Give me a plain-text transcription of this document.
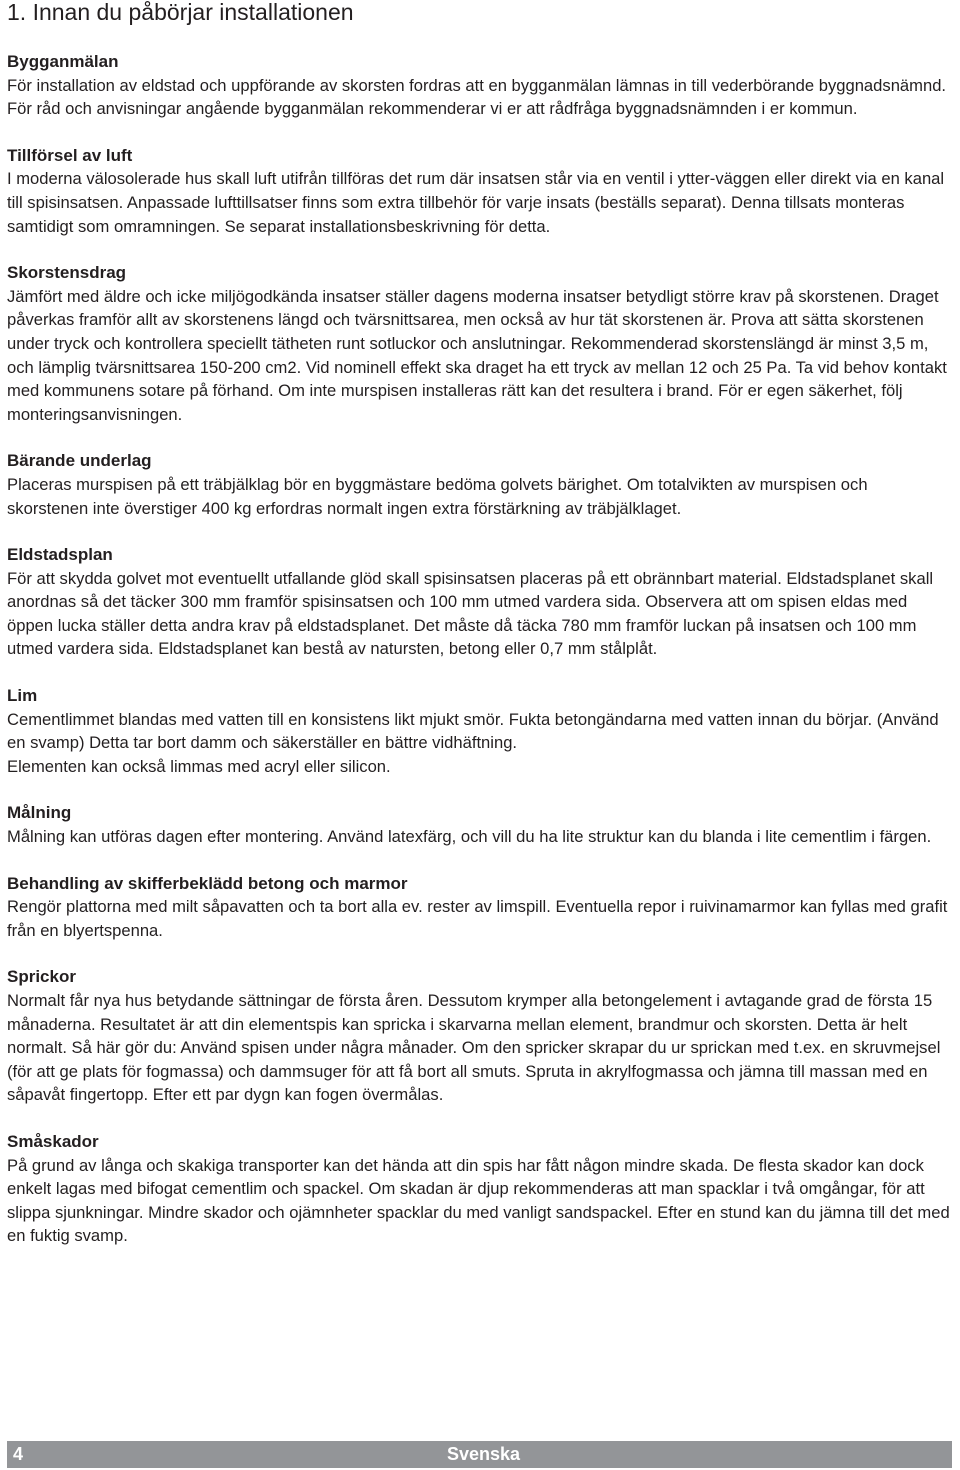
1. Innan du påbörjar installationen
Bygganmälan

För installation av eldstad och uppförande av skorsten fordras att en bygganmälan lämnas in till vederbörande byggnadsnämnd. För råd och anvisningar angående bygganmälan rekommenderar vi er att rådfråga byggnadsnämnden i er kommun.

Tillförsel av luft

I moderna välosolerade hus skall luft utifrån tillföras det rum där insatsen står via en ventil i ytter-väggen eller direkt via en kanal till spisinsatsen. Anpassade lufttillsatser finns som extra tillbehör för varje insats (beställs separat). Denna tillsats monteras samtidigt som omramningen. Se separat installationsbeskrivning för detta.

Skorstensdrag

Jämfört med äldre och icke miljögodkända insatser ställer dagens moderna insatser betydligt större krav på skorstenen. Draget påverkas framför allt av skorstenens längd och tvärsnittsarea, men också av hur tät skorstenen är. Prova att sätta skorstenen under tryck och kontrollera speciellt tätheten runt sotluckor och anslutningar. Rekommenderad skorstenslängd är minst 3,5 m, och lämplig tvärsnittsarea 150-200 cm2. Vid nominell effekt ska draget ha ett tryck av mellan 12 och 25 Pa. Ta vid behov kontakt med kommunens sotare på förhand. Om inte murspisen installeras rätt kan det resultera i brand. För er egen säkerhet, följ monteringsanvisningen.

Bärande underlag

Placeras murspisen på ett träbjälklag bör en byggmästare bedöma golvets bärighet. Om totalvikten av murspisen och skorstenen inte överstiger 400 kg erfordras normalt ingen extra förstärkning av träbjälklaget.

Eldstadsplan

För att skydda golvet mot eventuellt utfallande glöd skall spisinsatsen placeras på ett obrännbart material. Eldstadsplanet skall anordnas så det täcker 300 mm framför spisinsatsen och 100 mm utmed vardera sida. Observera att om spisen eldas med öppen lucka ställer detta andra krav på eldstadsplanet. Det måste då täcka 780 mm framför luckan på insatsen och 100 mm utmed vardera sida. Eldstadsplanet kan bestå av natursten, betong eller 0,7 mm stålplåt.

Lim

Cementlimmet blandas med vatten till en konsistens likt mjukt smör. Fukta betongändarna med vatten innan du börjar. (Använd en svamp) Detta tar bort damm och säkerställer en bättre vidhäftning.
Elementen kan också limmas med acryl eller silicon.

Målning

Målning kan utföras dagen efter montering. Använd latexfärg, och vill du ha lite struktur kan du blanda i lite cementlim i färgen.

Behandling av skifferbeklädd betong och marmor

Rengör plattorna med milt såpavatten och ta bort alla ev. rester av limspill. Eventuella repor i ruivinamarmor kan fyllas med grafit från en blyertspenna.

Sprickor

Normalt får nya hus betydande sättningar de första åren. Dessutom krymper alla betongelement i avtagande grad de första 15 månaderna. Resultatet är att din elementspis kan spricka i skarvarna mellan element, brandmur och skorsten. Detta är helt normalt. Så här gör du: Använd spisen under några månader. Om den spricker skrapar du ur sprickan med t.ex. en skruvmejsel (för att ge plats för fogmassa) och dammsuger för att få bort all smuts. Spruta in akrylfogmassa och jämna till massan med en såpavåt fingertopp. Efter ett par dygn kan fogen övermålas.

Småskador

På grund av långa och skakiga transporter kan det hända att din spis har fått någon mindre skada. De flesta skador kan dock enkelt lagas med bifogat cementlim och spackel. Om skadan är djup rekommenderas att man spacklar i två omgångar, för att slippa sjunkningar. Mindre skador och ojämnheter spacklar du med vanligt sandspackel. Efter en stund kan du jämna till det med en fuktig svamp.

4	Svenska
